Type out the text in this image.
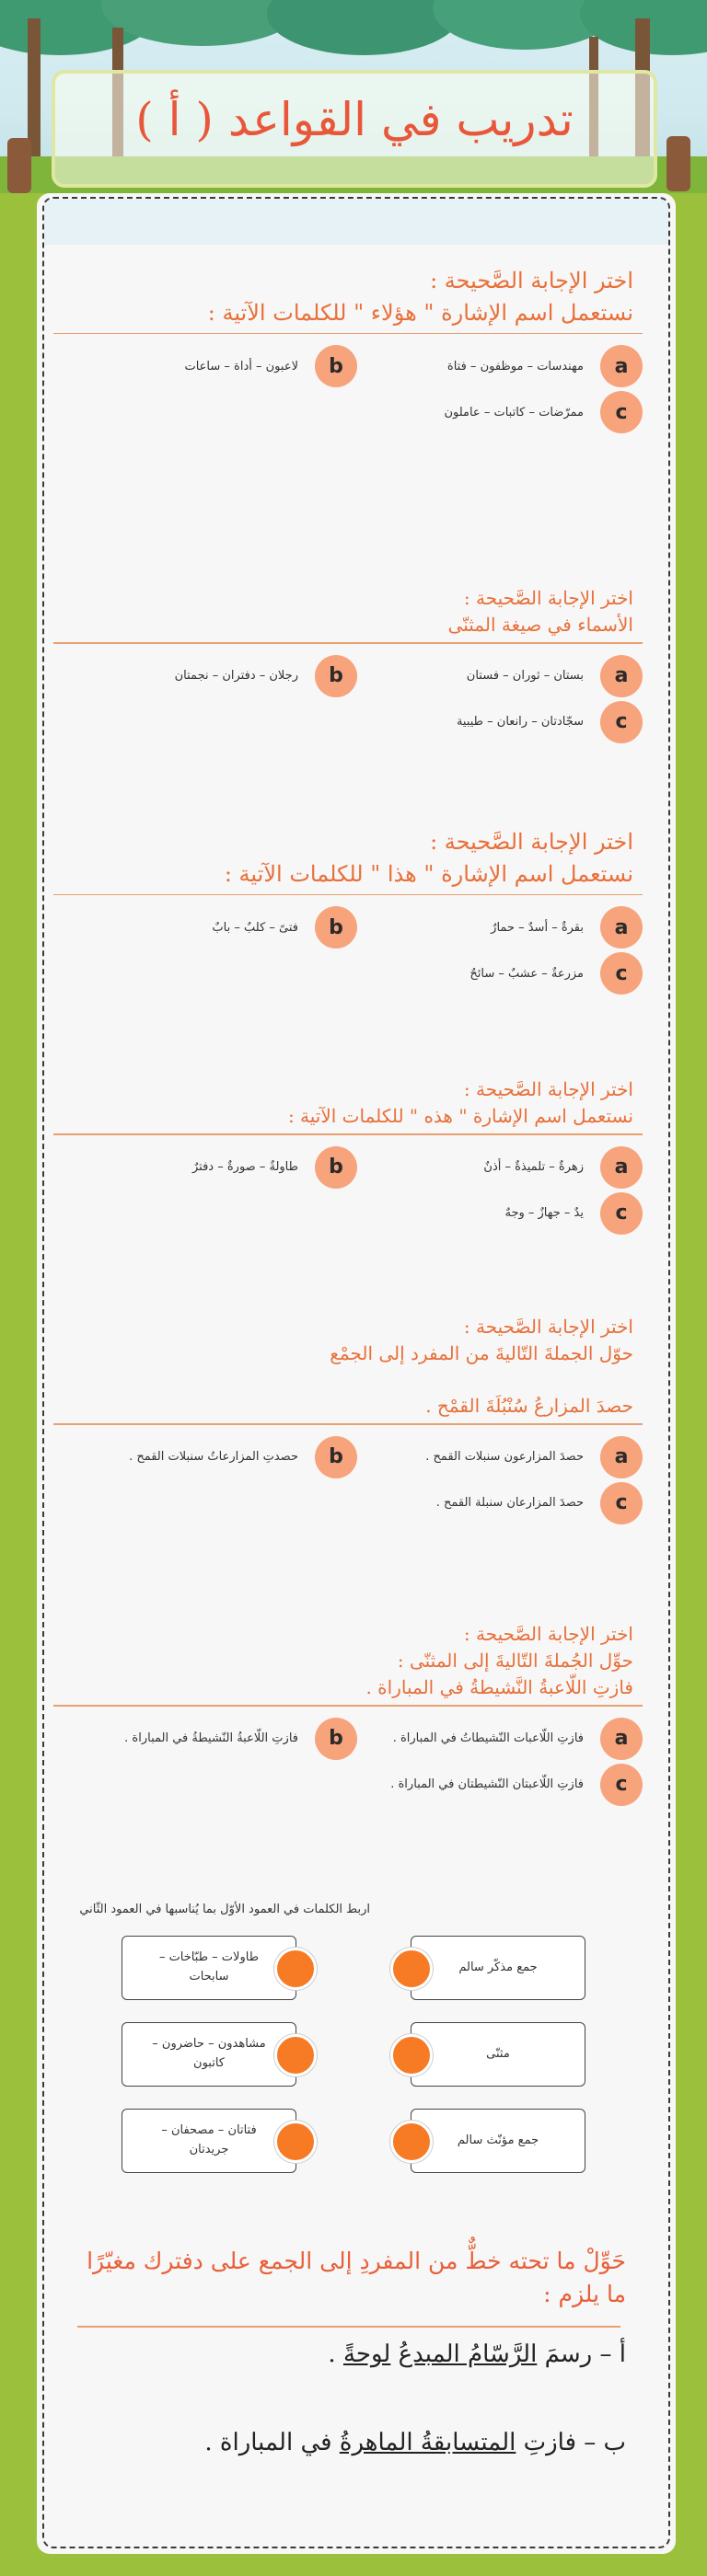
تدريب في القواعد ( أ )
اختر الإجابة الصَّحيحة :
نستعمل اسم الإشارة " هؤلاء " للكلمات الآتية :
a
مهندسات – موظفون – فتاة
b
لاعبون – أداة – ساعات
c
ممرّضات – كاتبات – عاملون
اختر الإجابة الصَّحيحة :
الأسماء في صيغة المثنّى
a
بستان – ثوران – فستان
b
رجلان – دفتران – نجمتان
c
سجّادتان – رانعان – طيبية
اختر الإجابة الصَّحيحة :
نستعمل اسم الإشارة " هذا " للكلمات الآتية :
a
بقرةٌ – أسدٌ – حمارٌ
b
فتىً – كلبٌ – بابٌ
c
مزرعةٌ – عشبٌ – سائحٌ
اختر الإجابة الصَّحيحة :
نستعمل اسم الإشارة " هذه " للكلمات الآتية :
a
زهرةٌ – تلميذةٌ – أذنٌ
b
طاولةٌ – صورةٌ – دفترٌ
c
يدٌ – جهازٌ – وجهٌ
اختر الإجابة الصَّحيحة :
حوّل الجملةَ التّاليةَ من المفرد إلى الجمْع
حصدَ المزارعُ سُنْبُلَةَ القمْح .
a
حصدَ المزارعون سنبلات القمح .
b
حصدتِ المزارعاتُ سنبلات القمح .
c
حصدَ المزارعان سنبلة القمح .
اختر الإجابة الصَّحيحة :
حوِّل الجُملةَ التّاليةَ إلى المثنّى :
فازتِ اللّاعبةُ النَّشيطةُ في المباراة .
a
فازتِ اللّاعبات النّشيطاتُ في المباراة .
b
فازتِ اللّاعبةُ النّشيطةُ في المباراة .
c
فازتِ اللّاعبتان النّشيطتان في المباراة .
اربط الكلمات في العمود الأوّل بما يُناسبها في العمود الثّاني
جمع مذكّر سالم
طاولات – طبّاخات – سابحات
مثنّى
مشاهدون – حاضرون – كاتبون
جمع مؤنّث سالم
فتاتان – مصحفان – جريدتان
حَوِّلْ ما تحته خطٌّ من المفردِ إلى الجمع على دفترك مغيّرًا ما يلزم :
أ – رسمَ الرَّسّامُ المبدعُ لوحةً .
ب – فازتِ المتسابقةُ الماهرةُ في المباراة .
